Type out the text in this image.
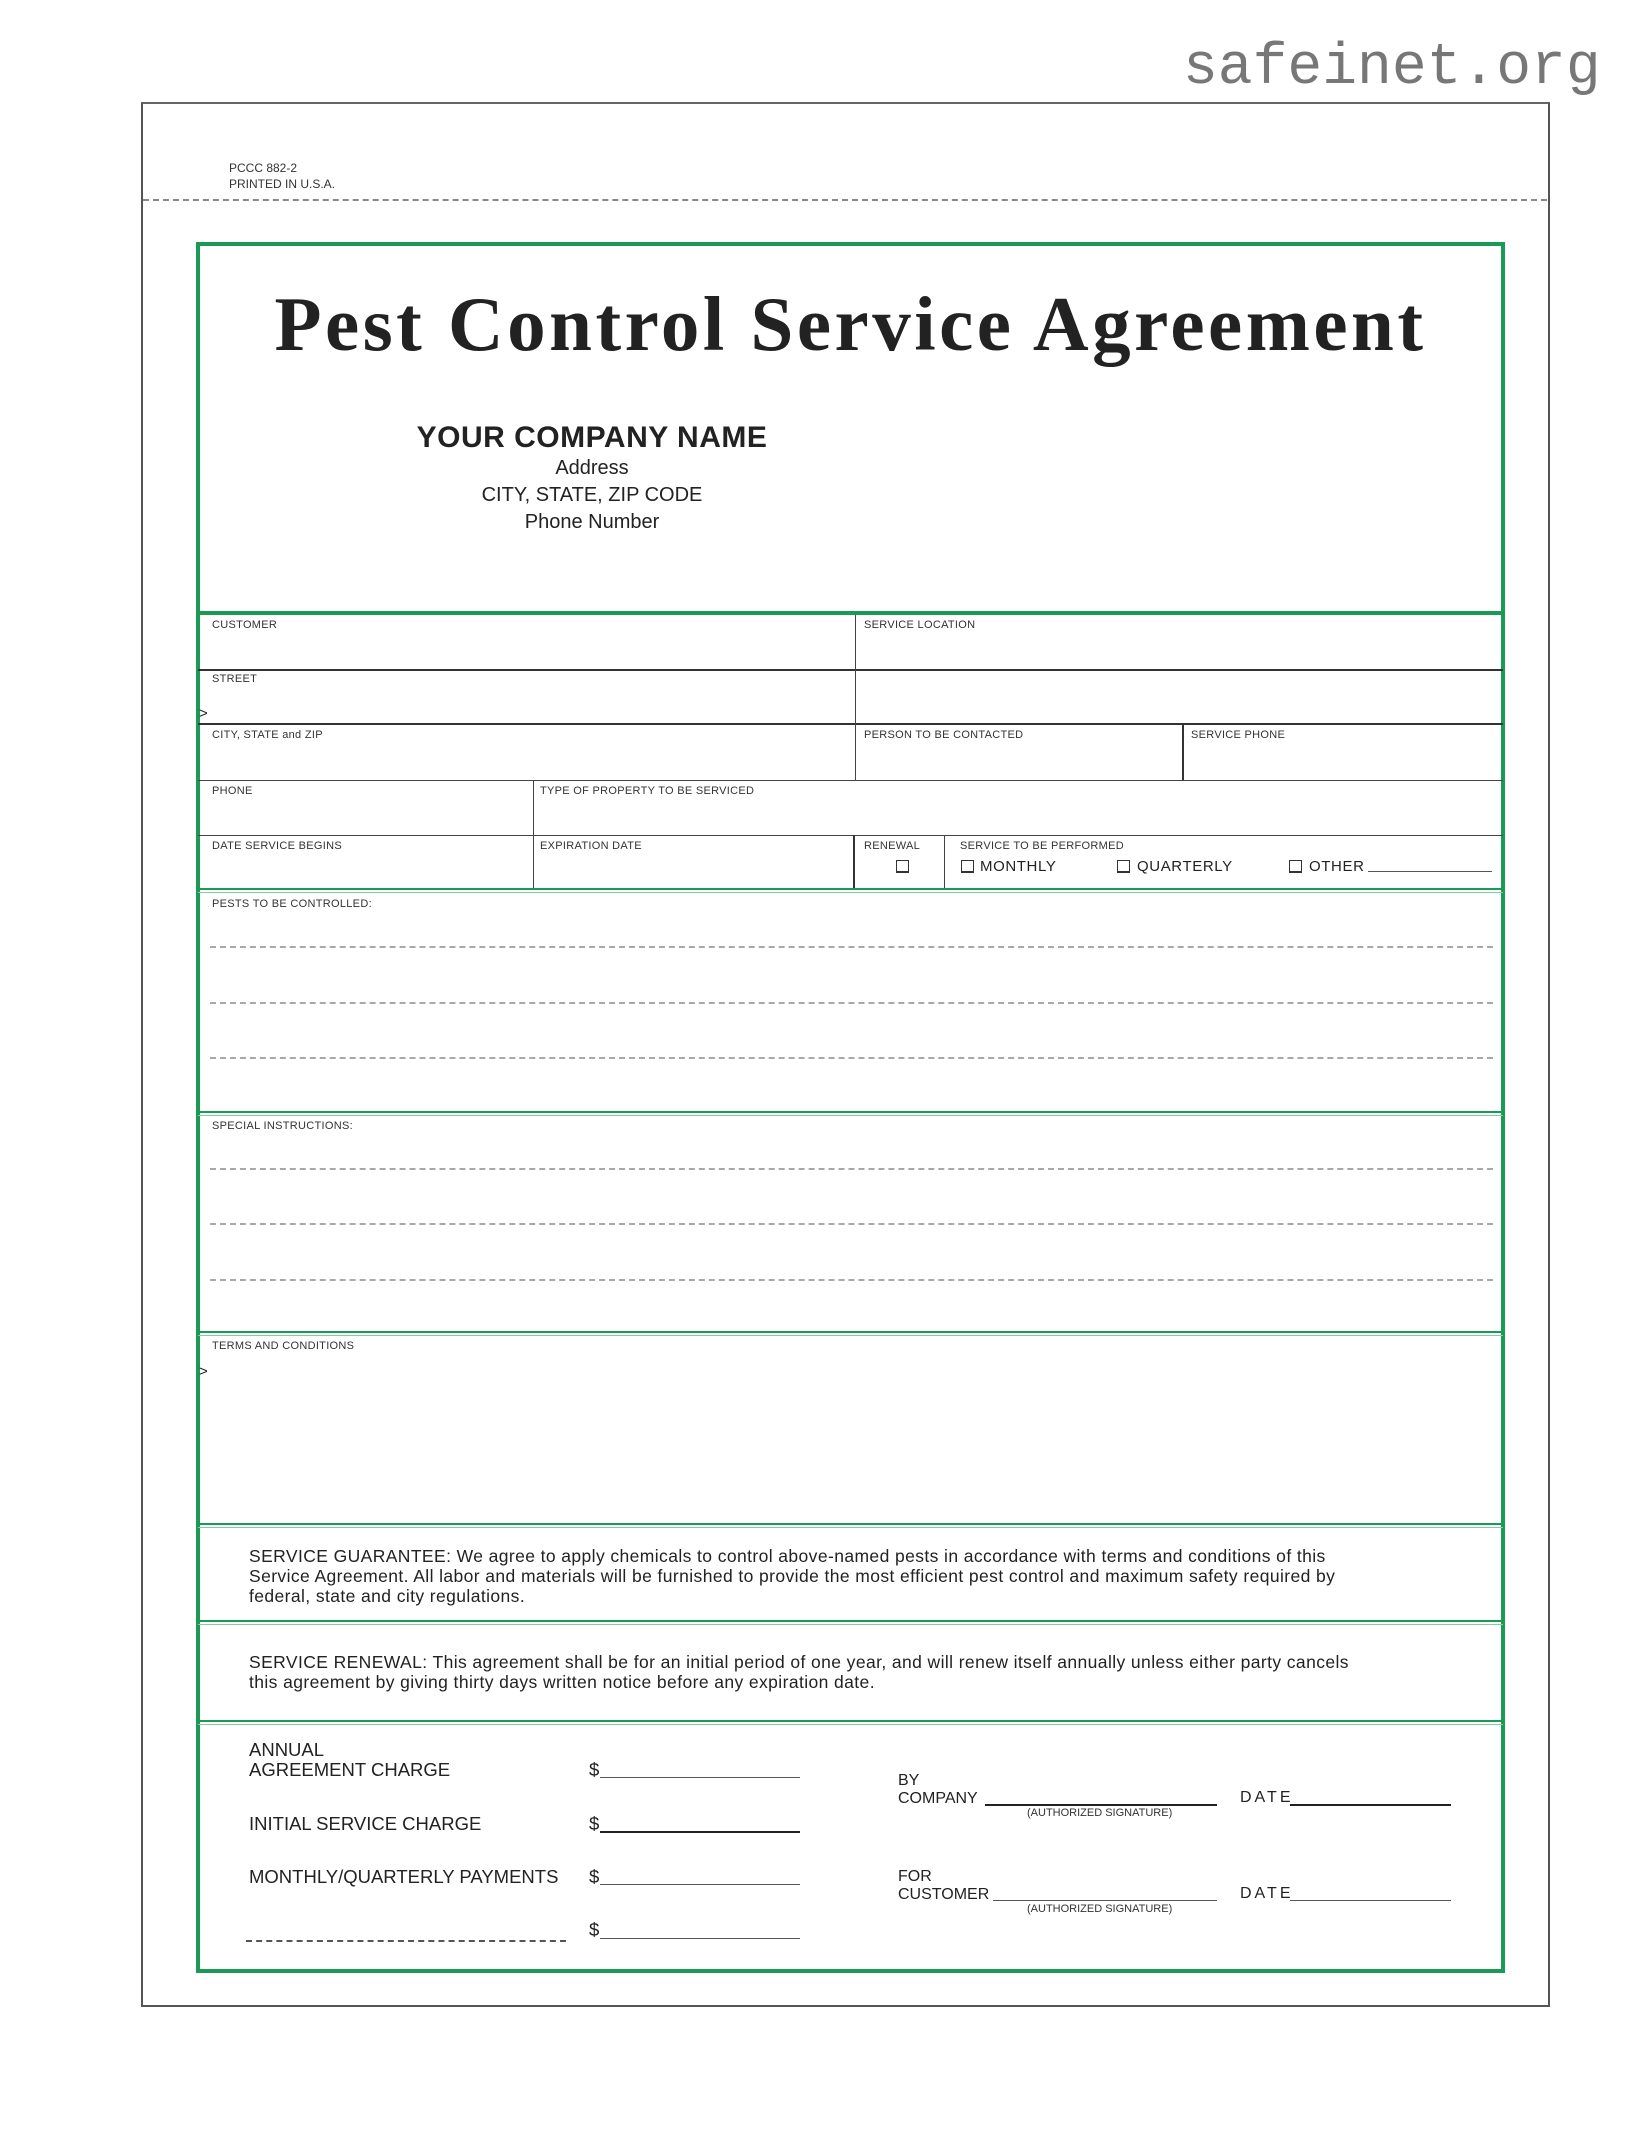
safeinet.org
PCCC 882-2
PRINTED IN U.S.A.
Pest Control Service Agreement
YOUR COMPANY NAME
Address
CITY, STATE, ZIP CODE
Phone Number
CUSTOMER	SERVICE LOCATION
STREET
>
CITY, STATE and ZIP	PERSON TO BE CONTACTED	SERVICE PHONE
PHONE	TYPE OF PROPERTY TO BE SERVICED
DATE SERVICE BEGINS	EXPIRATION DATE	RENEWAL	SERVICE TO BE PERFORMED
MONTHLY	QUARTERLY	OTHER
PESTS TO BE CONTROLLED:
SPECIAL INSTRUCTIONS:
TERMS AND CONDITIONS
>
SERVICE GUARANTEE: We agree to apply chemicals to control above-named pests in accordance with terms and conditions of this
Service Agreement. All labor and materials will be furnished to provide the most efficient pest control and maximum safety required by
federal, state and city regulations.
SERVICE RENEWAL: This agreement shall be for an initial period of one year, and will renew itself annually unless either party cancels
this agreement by giving thirty days written notice before any expiration date.
ANNUAL
AGREEMENT CHARGE	$
INITIAL SERVICE CHARGE	$
MONTHLY/QUARTERLY PAYMENTS $
$
BY
COMPANY
(AUTHORIZED SIGNATURE)
DATE
FOR
CUSTOMER
(AUTHORIZED SIGNATURE)
DATE
